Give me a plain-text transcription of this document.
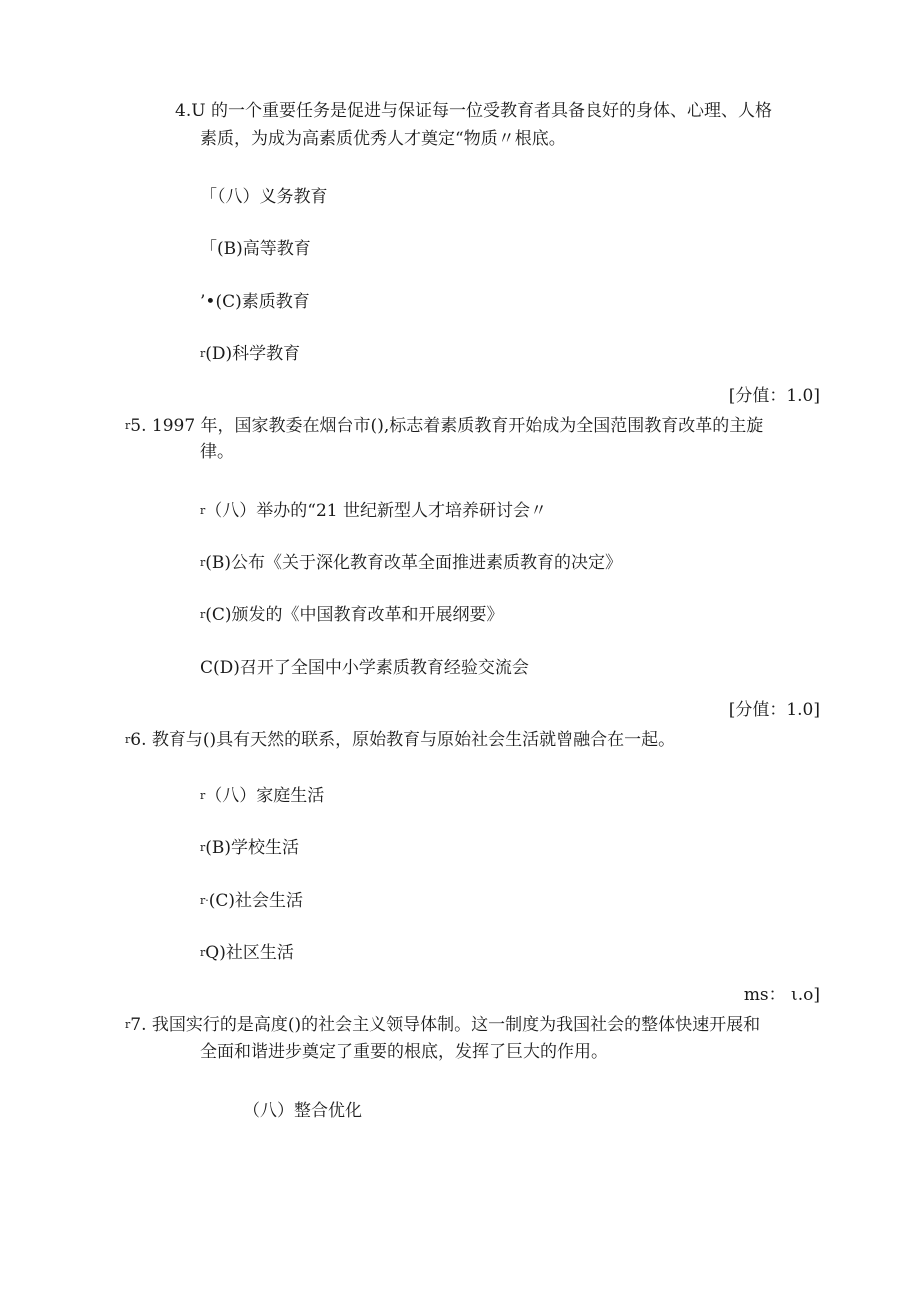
4.U 的一个重要任务是促进与保证每一位受教育者具备良好的身体、心理、人格
素质，为成为高素质优秀人才奠定“物质〃根底。
「（八）义务教育
「(B)高等教育
’•(C)素质教育
r(D)科学教育
[分值：1.0]
r5. 1997 年，国家教委在烟台市(),标志着素质教育开始成为全国范围教育改革的主旋
律。
r（八）举办的“21 世纪新型人才培养研讨会〃
r(B)公布《关于深化教育改革全面推进素质教育的决定》
r(C)颁发的《中国教育改革和开展纲要》
C(D)召开了全国中小学素质教育经验交流会
[分值：1.0]
r6. 教育与()具有天然的联系，原始教育与原始社会生活就曾融合在一起。
r（八）家庭生活
r(B)学校生活
r·(C)社会生活
rQ)社区生活
ms： ι.o]
r7. 我国实行的是高度()的社会主义领导体制。这一制度为我国社会的整体快速开展和
全面和谐进步奠定了重要的根底，发挥了巨大的作用。
（八）整合优化
